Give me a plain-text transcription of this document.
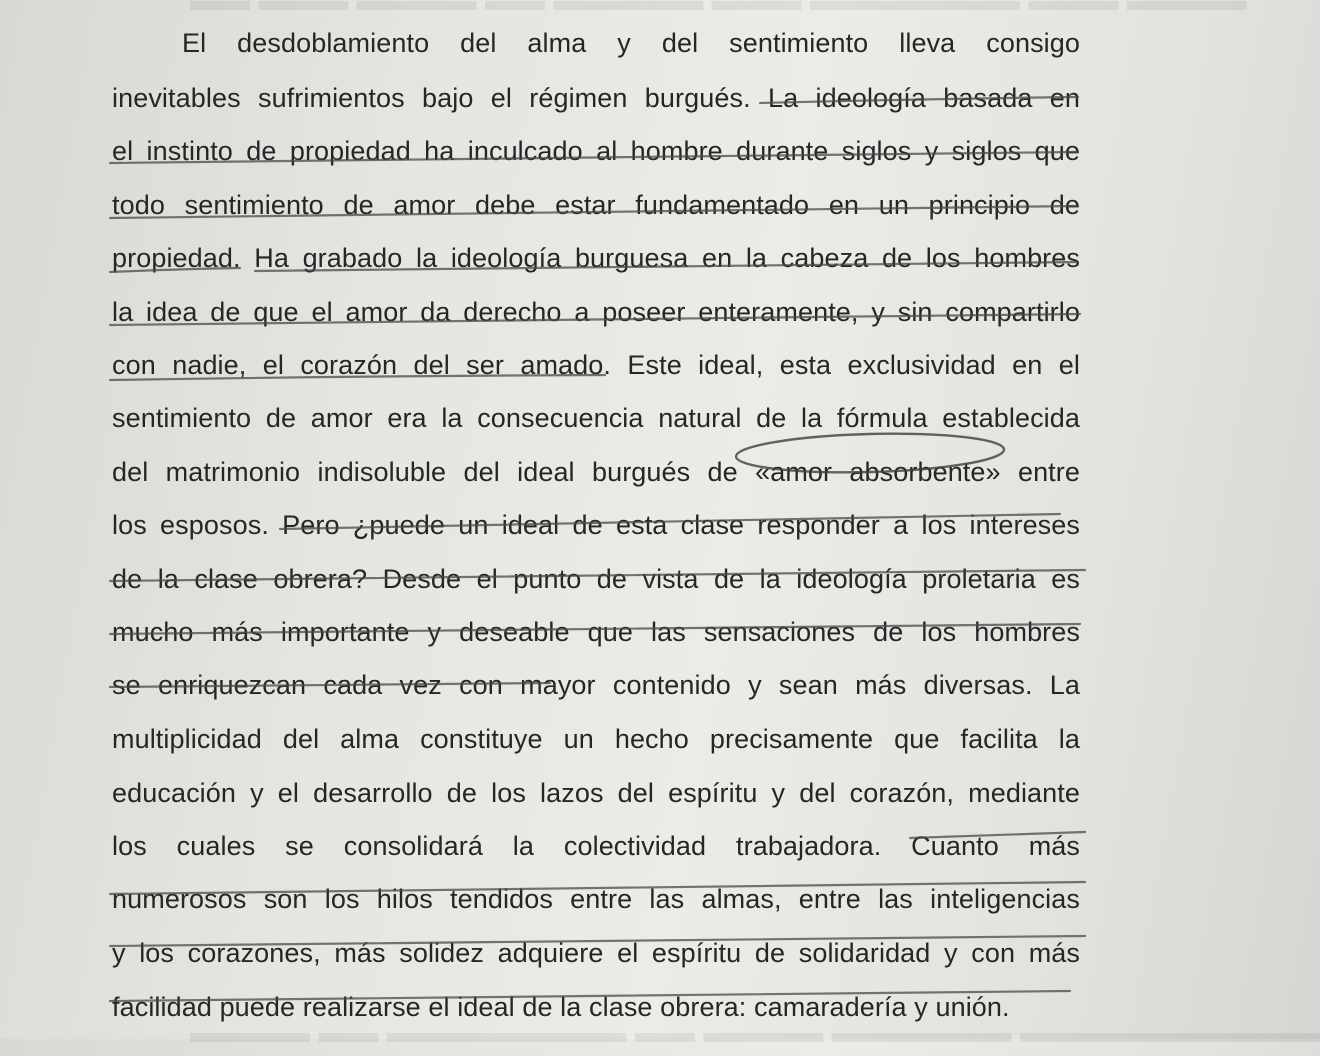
▬▬ ▬▬▬ ▬▬▬▬ ▬▬ ▬▬▬▬▬ ▬▬▬ ▬▬▬▬▬▬▬ ▬▬▬ ▬▬▬▬
▬▬▬▬ ▬▬ ▬▬▬▬▬▬▬▬ ▬▬ ▬▬▬▬ ▬▬▬▬▬▬ ▬▬▬▬▬▬▬▬▬▬
El desdoblamiento del alma y del sentimiento lleva consigo
inevitables sufrimientos bajo el régimen burgués. La ideología basada en
el instinto de propiedad ha inculcado al hombre durante siglos y siglos que
todo sentimiento de amor debe estar fundamentado en un principio de
propiedad. Ha grabado la ideología burguesa en la cabeza de los hombres
la idea de que el amor da derecho a poseer enteramente, y sin compartirlo
con nadie, el corazón del ser amado. Este ideal, esta exclusividad en el
sentimiento de amor era la consecuencia natural de la fórmula establecida
del matrimonio indisoluble del ideal burgués de «amor absorbente» entre
los esposos. Pero ¿puede un ideal de esta clase responder a los intereses
de la clase obrera? Desde el punto de vista de la ideología proletaria es
mucho más importante y deseable que las sensaciones de los hombres
se enriquezcan cada vez con mayor contenido y sean más diversas. La
multiplicidad del alma constituye un hecho precisamente que facilita la
educación y el desarrollo de los lazos del espíritu y del corazón, mediante
los cuales se consolidará la colectividad trabajadora. Cuanto más
numerosos son los hilos tendidos entre las almas, entre las inteligencias
y los corazones, más solidez adquiere el espíritu de solidaridad y con más
facilidad puede realizarse el ideal de la clase obrera: camaradería y unión.
